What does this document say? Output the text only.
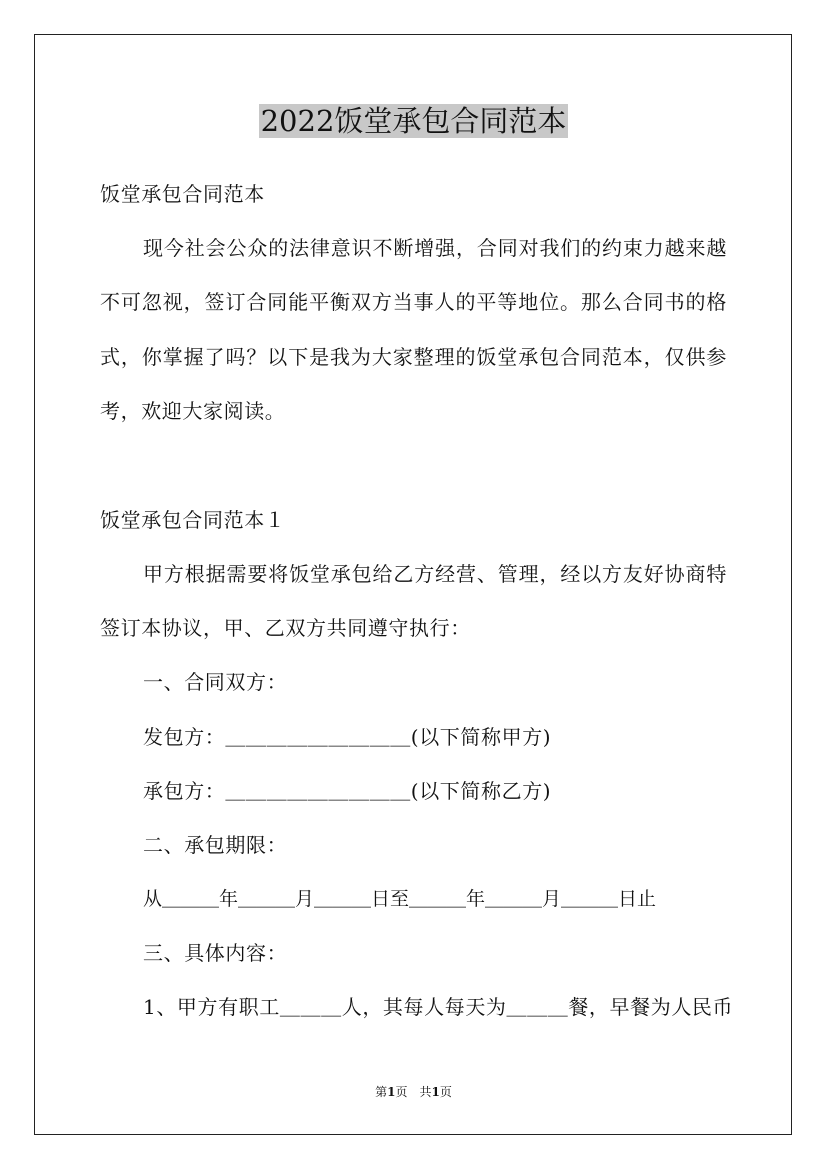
2022饭堂承包合同范本
饭堂承包合同范本
现今社会公众的法律意识不断增强，合同对我们的约束力越来越
不可忽视，签订合同能平衡双方当事人的平等地位。那么合同书的格
式，你掌握了吗？以下是我为大家整理的饭堂承包合同范本，仅供参
考，欢迎大家阅读。
饭堂承包合同范本１
甲方根据需要将饭堂承包给乙方经营、管理，经以方友好协商特
签订本协议，甲、乙双方共同遵守执行：
一、合同双方：
发包方：＿＿＿＿＿＿＿＿＿(以下简称甲方)
承包方：＿＿＿＿＿＿＿＿＿(以下简称乙方)
二、承包期限：
从＿＿＿年＿＿＿月＿＿＿日至＿＿＿年＿＿＿月＿＿＿日止
三、具体内容：
1、甲方有职工＿＿＿人，其每人每天为＿＿＿餐，早餐为人民币
第1页　共1页
